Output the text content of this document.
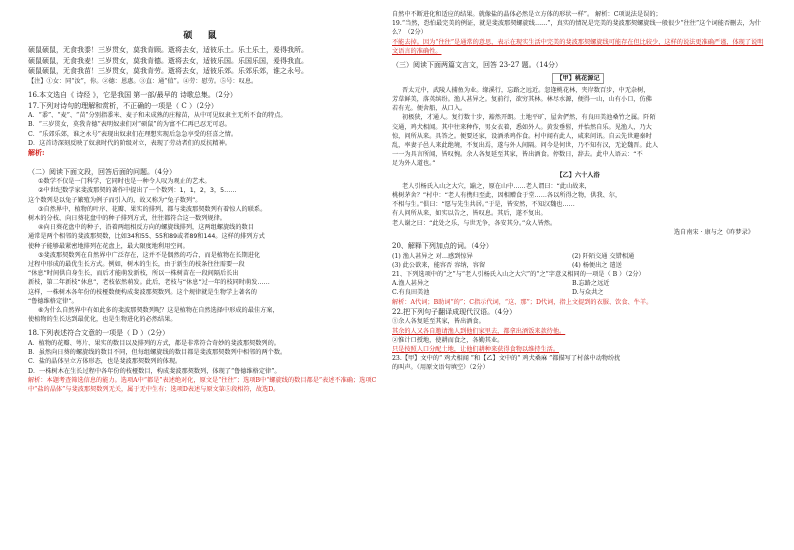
硕 鼠
硕鼠硕鼠，无食我黍！三岁贯女，莫我肯顾。逝将去女，适彼乐土。乐土乐土，爰得我所。
硕鼠硕鼠，无食我麦！三岁贯女，莫我肯德。逝将去女，适彼乐国。乐国乐国，爰得我直。
硕鼠硕鼠，无食我苗！三岁贯女，莫我肯劳。逝将去女，适彼乐郊。乐郊乐郊，谁之永号。
【注】①女：同“汝”，你。②德：恩惠。③直：通“值”。④劳：慰劳。⑤号：叹息。
16.本文选自《 诗经 》，它是我国 第一部/最早的 诗歌总集。（2分）
17.下列对诗句的理解和赏析，不正确的一项是（ C ）（2分）
A．“黍”、“麦”、“苗”分别指黍米、麦子和未成熟的庄稼苗，从中可见奴隶主无所不食的特点。
B．“三岁贯女，莫我肯德”表明奴隶们对“硕鼠”的为富不仁再已忍无可忍。
C．“乐郊乐郊，谁之永号”表现出奴隶们在理想实现后急急享受的狂喜之情。
D．这首诗深刻反映了奴隶时代的阶级对立，表现了劳动者们的反抗精神。
解析:
（二）阅读下面文段，回答后面的问题。（4分）
①数学不仅是一门科学，它同时也是一种令人叹为观止的艺术。
②中世纪数学家斐波那契的著作中提出了一个数列：1，1，2，3，5……
这个数列是以兔子繁殖为例子而引入的，故又称为“兔子数列”。
③自然界中，植物的叶序、花瓣、果实的排列，都与斐波那契数列有着惊人的联系。
树木的分枝、向日葵花盘中的种子排列方式，往往都符合这一数列规律。
④向日葵花盘中的种子，沿着两组相反方向的螺旋线排列，这两组螺旋线的数目
通常是两个相邻的斐波那契数，比如34和55、55和89或者89和144。这样的排列方式
使种子能够最紧密地排列在花盘上，最大限度地利用空间。
⑤斐波那契数列在自然界中广泛存在，这并不是偶然的巧合，而是植物在长期进化
过程中形成的最优生长方式。例如，树木的生长，由于新生的枝条往往需要一段
“休息”时间供自身生长，而后才能萌发新枝，所以一株树苗在一段间隔后长出
新枝，第二年新枝“休息”，老枝依然萌发。此后，老枝与“休息”过一年的枝同时萌发……
这样，一株树木各年份的枝桠数便构成斐波那契数列。这个规律就是生物学上著名的
“鲁德维格定律”。
⑥为什么自然界中有如此多的斐波那契数列呢？这是植物在自然选择中形成的最佳方案，
使植物的生长达到最优化，也是生物进化的必然结果。
18.下列表述符合文意的一项是（ D ）（2分）
A．植物的花瓣、萼片、果实的数目以及排列的方式，都是非常符合奇妙的斐波那契数列的。
B．虽然向日葵的螺旋线的数目不同，但每组螺旋线的数目都是斐波那契数列中相邻的两个数。
C．盐的晶体呈立方体形态，也是斐波那契数列的体现。
D．一株树木在生长过程中各年份的枝桠数目，构成斐波那契数列，体现了“鲁德维格定律”。
解析：本题考查筛选信息的能力。选项A中“都是”表述绝对化，原文是“往往”；选项B中“螺旋线的数目都是”表述不准确；选项C中“盐的晶体”与斐波那契数列无关，属于无中生有；选项D表述与原文第⑤段相符，故选D。
自然中不断进化和适应的结果。就像盐的晶体必然是立方体的形状一样”。 解析：C项说法是误的；
19.“当然，恐怕最完美的例证，就是斐波那契螺旋线……”，真实的情况是完美的斐波那契螺旋线一般很少“往往”这个词能否删去，为什么？（2分）
不能去掉。因为“往往”是通常的意思，表示在现实生活中完美的斐波那契螺旋线可能存在但比较少，这样的说法更准确严谨，体现了说明文语言的准确性。
（三）阅读下面两篇文言文，回答 23-27 题。（14分）
【甲】桃花源记
晋太元中，武陵人捕鱼为业。缘溪行，忘路之远近。忽逢桃花林，夹岸数百步，中无杂树，
芳草鲜美，落英缤纷。渔人甚异之。复前行，欲穷其林。林尽水源，便得一山，山有小口，仿佛
若有光。便舍船，从口入。
初极狭，才通人。复行数十步，豁然开朗。土地平旷，屋舍俨然，有良田美池桑竹之属。阡陌
交通，鸡犬相闻。其中往来种作，男女衣着，悉如外人。黄发垂髫，并怡然自乐。见渔人，乃大
惊，问所从来。具答之。便要还家，设酒杀鸡作食。村中闻有此人，咸来问讯。自云先世避秦时
乱，率妻子邑人来此绝境，不复出焉，遂与外人间隔。问今是何世，乃不知有汉，无论魏晋。此人
一一为具言所闻，皆叹惋。余人各复延至其家，皆出酒食。停数日，辞去。此中人语云：“不
足为外人道也。”
【乙】六十人浴
老人引杨氏入山之大穴，踰之，原在山中……老人谓曰：“此山故来，
桃树茅舍？”村中：“老人有携归至此，因相赠食于堂……各以所得之物，供我、尔，
不相与生。”俱曰：“愿与先生共居。”于是，皆安然，不知汉魏也……
有人问所从来，如实以告之，皆叹息。其后，遂不复出。
老人谢之曰：“此处之乐，与世无争，各安其分。”众人皆然。
选自南宋 · 康与之《昨梦录》
20、解释下列加点的词。（4分）
(1) 渔人甚异之 对…感到惊异	(2) 阡陌交通 交错相通
(3) 此公欲来，能容否 容纳，容留	(4) 杨便出之 遣送
21、下列选项中的“之”与“老人引杨氏入山之大穴”的“之”字意义相同的一项是（ B ）（2分）
A.渔人甚异之	B.忘路之远近
C.有良田美池	D.与众共之
解析：A代词；B助词“的”；C指示代词，“这、那”；D代词，指上文提到的衣服、饮食、牛羊。
22.把下列句子翻译成现代汉语。（4分）
①余人各复延至其家，皆出酒食。
其余的人又各自邀请渔人到他们家里去，都拿出酒饭来款待他。
②惟计口授地，使耕而食之，各勤其业。
只是按照人口分配土地，让他们耕种来获得食物以维持生活。
23.【甲】文中的“ 鸡犬相闻 ”和【乙】文中的“ 鸡犬桑麻 ”都描写了村落中动物纷扰
的叫声。（用原文语句填空）（2分）
